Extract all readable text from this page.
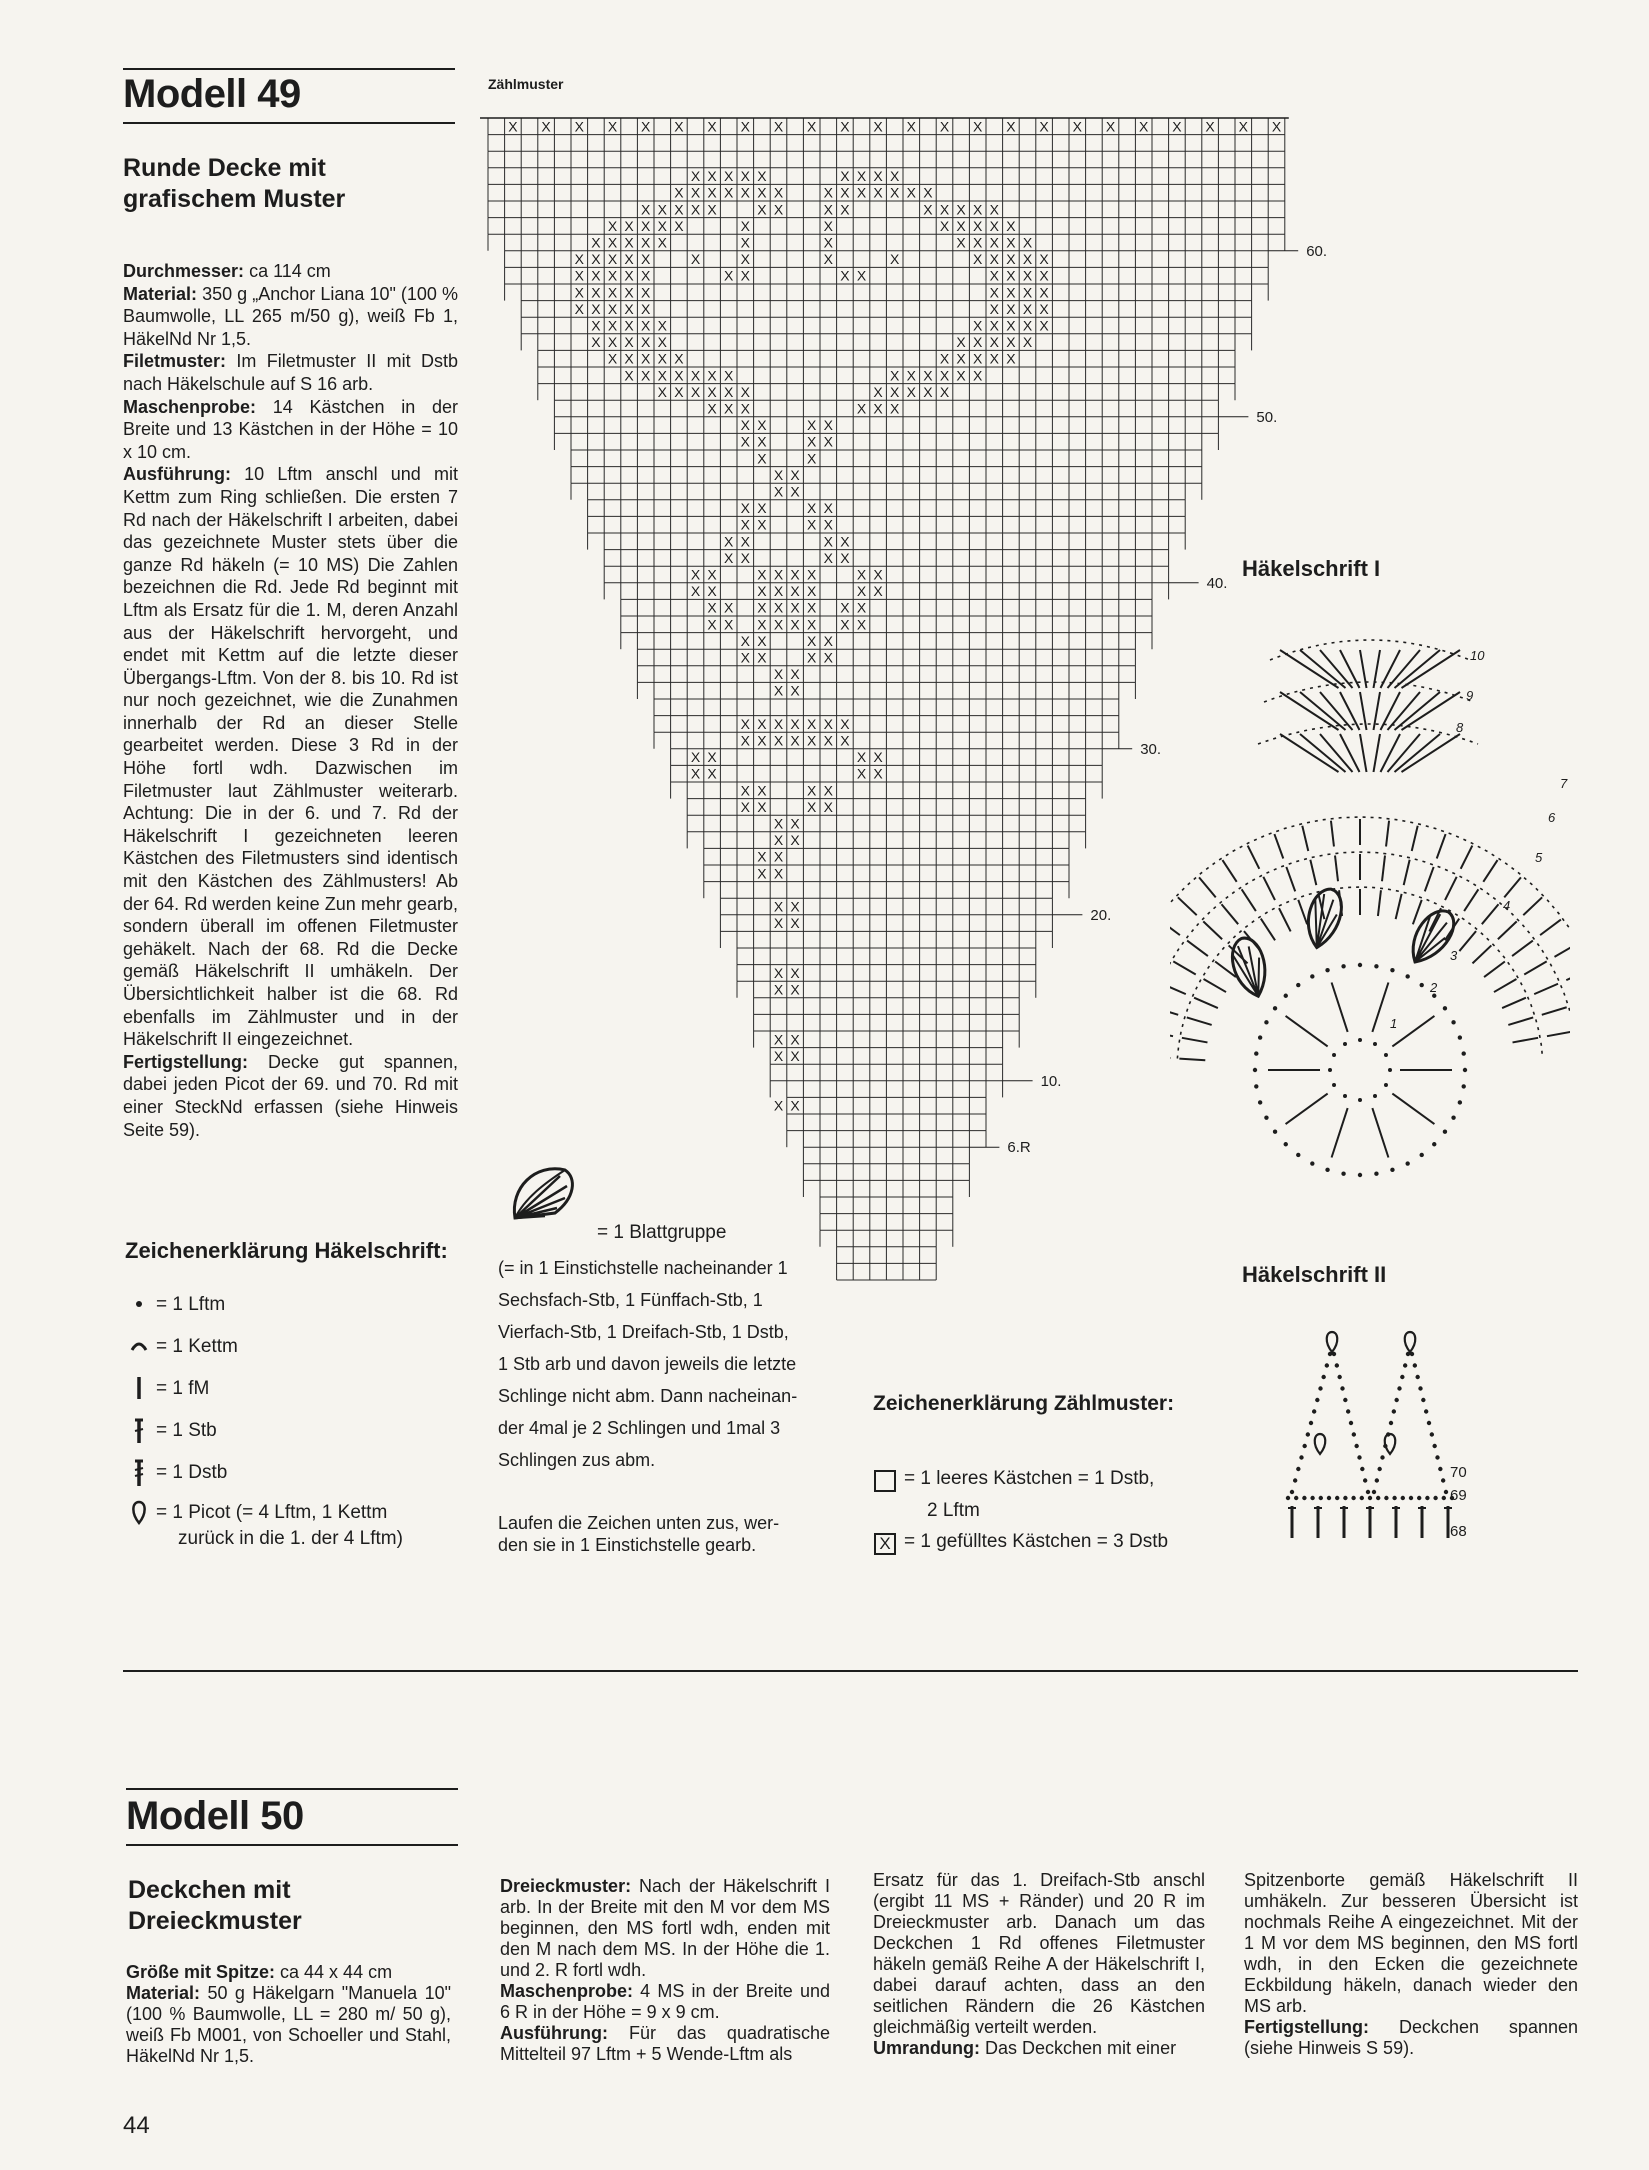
Modell 49
Runde Decke mit grafischem Muster

Durchmesser: ca 114 cm

Material: 350 g „Anchor Liana 10" (100 % Baumwolle, LL 265 m/50 g), weiß Fb 1, HäkelNd Nr 1,5.

Filetmuster: Im Filetmuster II mit Dstb nach Häkelschule auf S 16 arb.

Maschenprobe: 14 Kästchen in der Breite und 13 Kästchen in der Höhe = 10 x 10 cm.

Ausführung: 10 Lftm anschl und mit Kettm zum Ring schließen. Die ersten 7 Rd nach der Häkelschrift I arbeiten, dabei das gezeichnete Muster stets über die ganze Rd häkeln (= 10 MS) Die Zahlen bezeichnen die Rd. Jede Rd beginnt mit Lftm als Ersatz für die 1. M, deren Anzahl aus der Häkelschrift hervorgeht, und endet mit Kettm auf die letzte dieser Übergangs-Lftm. Von der 8. bis 10. Rd ist nur noch gezeichnet, wie die Zunahmen innerhalb der Rd an dieser Stelle gearbeitet werden. Diese 3 Rd in der Höhe fortl wdh. Dazwischen im Filetmuster laut Zählmuster weiterarb. Achtung: Die in der 6. und 7. Rd der Häkelschrift I gezeichneten leeren Kästchen des Filetmusters sind identisch mit den Kästchen des Zählmusters! Ab der 64. Rd werden keine Zun mehr gearb, sondern überall im offenen Filetmuster gehäkelt. Nach der 68. Rd die Decke gemäß Häkelschrift II umhäkeln. Der Übersichtlichkeit halber ist die 68. Rd ebenfalls im Zählmuster und in der Häkelschrift II eingezeichnet.

Fertigstellung: Decke gut spannen, dabei jeden Picot der 69. und 70. Rd mit einer SteckNd erfassen (siehe Hinweis Seite 59).

Zeichenerklärung Häkelschrift:
= 1 Lftm
= 1 Kettm
= 1 fM
= 1 Stb
= 1 Dstb
= 1 Picot (= 4 Lftm, 1 Kettm
zurück in die 1. der 4 Lftm)
Zählmuster
X X X X X X X X X X X X X X X X X X X X X X X X
X X X X X	X X X X
X X X X X X X	X X X X X X X
X X X X X	X X	X X	X X X X X
X X X X X	X	X	X X X X X
X X X X X	X	X	X X X X X
X X X X X	X	X	X	X	X X X X X
X X X X X	X X	X X	X X X X
X X X X X	X X X X
X X X X X	X X X X
X X X X X	X X X X X
X X X X X	X X X X X
X X X X X	X X X X X
X X X X X X X	X X X X X X
X X X X X X	X X X X X
X X X	X X X
X X	X X
X X	X X
X	X
X X
X X
X X	X X
X X	X X
X X	X X
X X	X X
X X	X X X X	X X
X X	X X X X	X X
X X X X X X X X
X X X X X X X X
X X	X X
X X	X X
X X
X X
X X X X X X X
X X X X X X X
X X	X X
X X	X X
X X	X X
X X	X X
X X
X X
X X
X X
X X
X X
X X
X X
X X
X X
X X
60.
50.
40.
30.
20.
10.
6.R
= 1 Blattgruppe
(= in 1 Einstichstelle nacheinander 1
Sechsfach-Stb, 1 Fünffach-Stb, 1
Vierfach-Stb, 1 Dreifach-Stb, 1 Dstb,
1 Stb arb und davon jeweils die letzte
Schlinge nicht abm. Dann nacheinan-
der 4mal je 2 Schlingen und 1mal 3
Schlingen zus abm.
Laufen die Zeichen unten zus, wer-
den sie in 1 Einstichstelle gearb.
Zeichenerklärung Zählmuster:
= 1 leeres Kästchen = 1 Dstb,
2 Lftm
X = 1 gefülltes Kästchen = 3 Dstb
Häkelschrift I
10
9
8
7
6
5
4
3
2
1
Häkelschrift II
70
69
68
Modell 50
Deckchen mit Dreieckmuster

Größe mit Spitze: ca 44 x 44 cm

Material: 50 g Häkelgarn "Manuela 10" (100 % Baumwolle, LL = 280 m/ 50 g), weiß Fb M001, von Schoeller und Stahl, HäkelNd Nr 1,5.

Dreieckmuster: Nach der Häkelschrift I arb. In der Breite mit den M vor dem MS beginnen, den MS fortl wdh, enden mit den M nach dem MS. In der Höhe die 1. und 2. R fortl wdh.

Maschenprobe: 4 MS in der Breite und 6 R in der Höhe = 9 x 9 cm.

Ausführung: Für das quadratische Mittelteil 97 Lftm + 5 Wende-Lftm als

Ersatz für das 1. Dreifach-Stb anschl (ergibt 11 MS + Ränder) und 20 R im Dreieckmuster arb. Danach um das Deckchen 1 Rd offenes Filetmuster häkeln gemäß Reihe A der Häkelschrift I, dabei darauf achten, dass an den seitlichen Rändern die 26 Kästchen gleichmäßig verteilt werden.

Umrandung: Das Deckchen mit einer

Spitzenborte gemäß Häkelschrift II umhäkeln. Zur besseren Übersicht ist nochmals Reihe A eingezeichnet. Mit der 1 M vor dem MS beginnen, den MS fortl wdh, in den Ecken die gezeichnete Eckbildung häkeln, danach wieder den MS arb.

Fertigstellung: Deckchen spannen (siehe Hinweis S 59).

44
